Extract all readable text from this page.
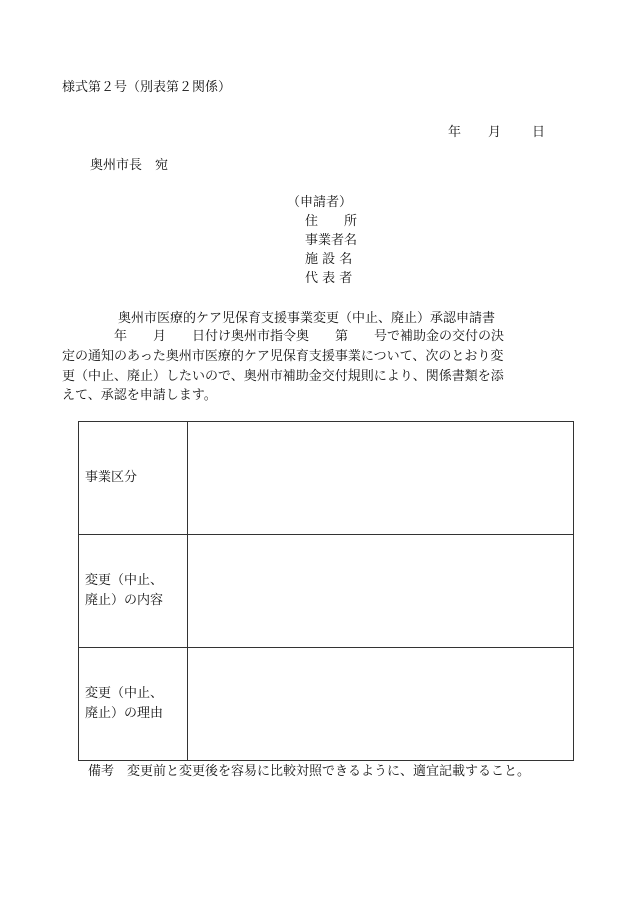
様式第２号（別表第２関係）
年 月 日
奥州市長　宛
（申請者）
住　　所
事業者名
施 設 名
代 表 者
奥州市医療的ケア児保育支援事業変更（中止、廃止）承認申請書
　　　　年　　月　　日付け奥州市指令奥　　第　　号で補助金の交付の決
定の通知のあった奥州市医療的ケア児保育支援事業について、次のとおり変
更（中止、廃止）したいので、奥州市補助金交付規則により、関係書類を添
えて、承認を申請します。
事業区分	
変更（中止、
廃止）の内容	
変更（中止、
廃止）の理由	
備考　変更前と変更後を容易に比較対照できるように、適宜記載すること。
